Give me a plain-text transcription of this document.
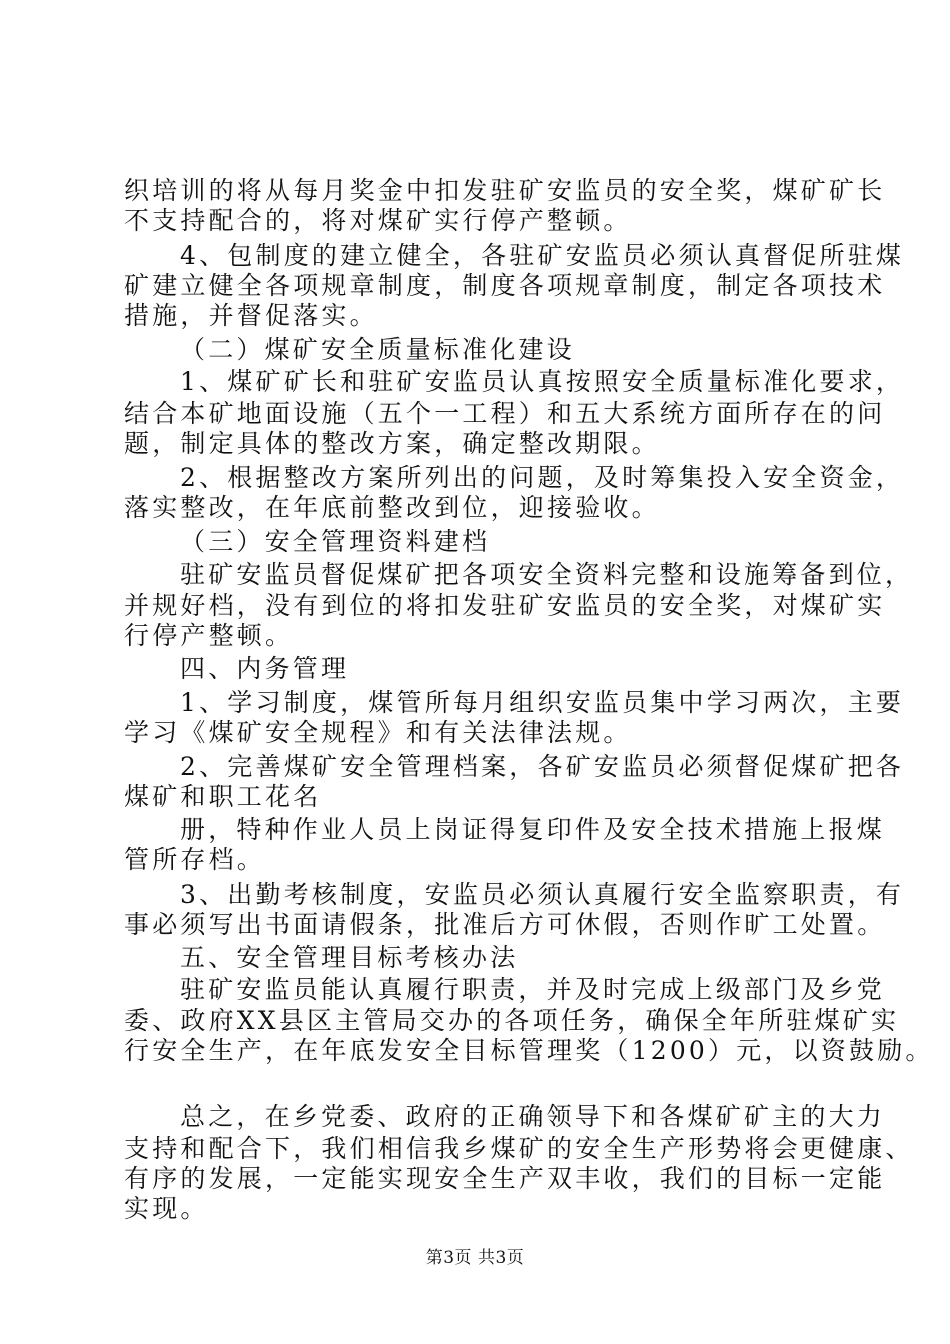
织培训的将从每月奖金中扣发驻矿安监员的安全奖，煤矿矿长
不支持配合的，将对煤矿实行停产整顿。
4、包制度的建立健全，各驻矿安监员必须认真督促所驻煤
矿建立健全各项规章制度，制度各项规章制度，制定各项技术
措施，并督促落实。
（二）煤矿安全质量标准化建设
1、煤矿矿长和驻矿安监员认真按照安全质量标准化要求，
结合本矿地面设施（五个一工程）和五大系统方面所存在的问
题，制定具体的整改方案，确定整改期限。
2、根据整改方案所列出的问题，及时筹集投入安全资金，
落实整改，在年底前整改到位，迎接验收。
（三）安全管理资料建档
驻矿安监员督促煤矿把各项安全资料完整和设施筹备到位，
并规好档，没有到位的将扣发驻矿安监员的安全奖，对煤矿实
行停产整顿。
四、内务管理
1、学习制度，煤管所每月组织安监员集中学习两次，主要
学习《煤矿安全规程》和有关法律法规。
2、完善煤矿安全管理档案，各矿安监员必须督促煤矿把各
煤矿和职工花名
册，特种作业人员上岗证得复印件及安全技术措施上报煤
管所存档。
3、出勤考核制度，安监员必须认真履行安全监察职责，有
事必须写出书面请假条，批准后方可休假，否则作旷工处置。
五、安全管理目标考核办法
驻矿安监员能认真履行职责，并及时完成上级部门及乡党
委、政府XX县区主管局交办的各项任务，确保全年所驻煤矿实
行安全生产，在年底发安全目标管理奖（1200）元，以资鼓励。
总之，在乡党委、政府的正确领导下和各煤矿矿主的大力
支持和配合下，我们相信我乡煤矿的安全生产形势将会更健康、
有序的发展，一定能实现安全生产双丰收，我们的目标一定能
实现。
第3页 共3页
